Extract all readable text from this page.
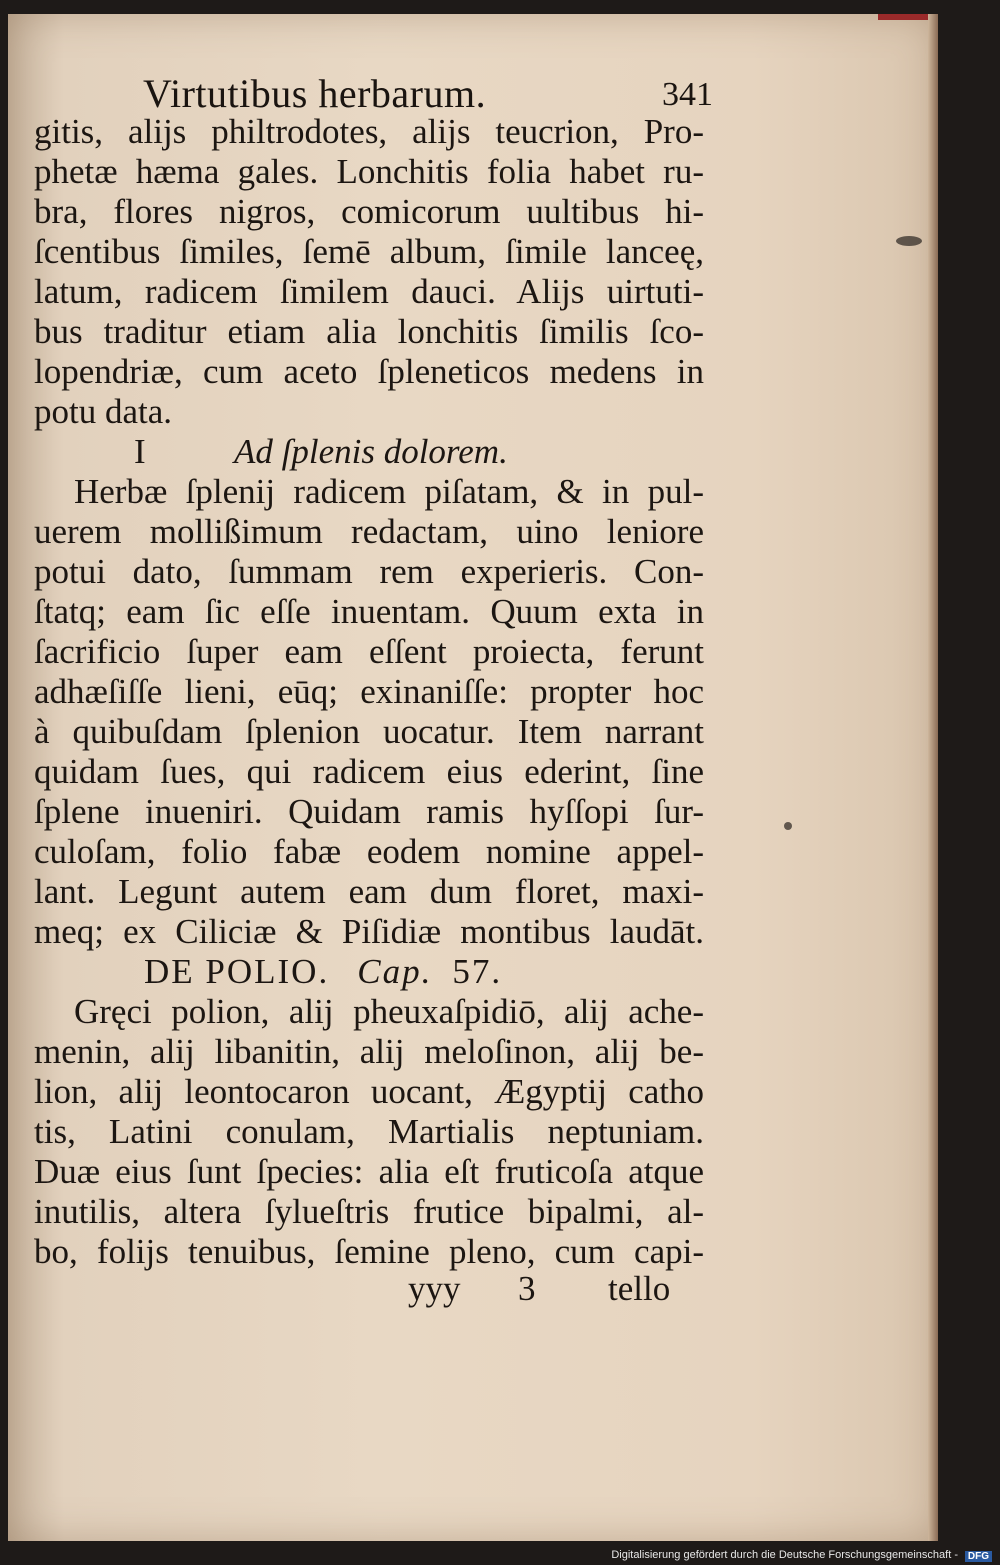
Virtutibus herbarum.	341
gitis, alijs philtrodotes, alijs teucrion, Pro-
phetæ hæma gales. Lonchitis folia habet ru-
bra, flores nigros, comicorum uultibus hi-
ſcentibus ſimiles, ſemē album, ſimile lanceę,
latum, radicem ſimilem dauci. Alijs uirtuti-
bus traditur etiam alia lonchitis ſimilis ſco-
lopendriæ, cum aceto ſpleneticos medens in
potu data.
I	Ad ſplenis dolorem.
Herbæ ſplenij radicem piſatam, & in pul-
uerem mollißimum redactam, uino leniore
potui dato, ſummam rem experieris. Con-
ſtatq; eam ſic eſſe inuentam. Quum exta in
ſacrificio ſuper eam eſſent proiecta, ferunt
adhæſiſſe lieni, eūq; exinaniſſe: propter hoc
à quibuſdam ſplenion uocatur. Item narrant
quidam ſues, qui radicem eius ederint, ſine
ſplene inueniri. Quidam ramis hyſſopi ſur-
culoſam, folio fabæ eodem nomine appel-
lant. Legunt autem eam dum floret, maxi-
meq; ex Ciliciæ & Piſidiæ montibus laudāt.
DE POLIO. Cap. 57.
Gręci polion, alij pheuxaſpidiō, alij ache-
menin, alij libanitin, alij meloſinon, alij be-
lion, alij leontocaron uocant, Ægyptij catho
tis, Latini conulam, Martialis neptuniam.
Duæ eius ſunt ſpecies: alia eſt fruticoſa atque
inutilis, altera ſylueſtris frutice bipalmi, al-
bo, folijs tenuibus, ſemine pleno, cum capi-
yyy 3 tello
Digitalisierung gefördert durch die Deutsche Forschungsgemeinschaft - DFG
